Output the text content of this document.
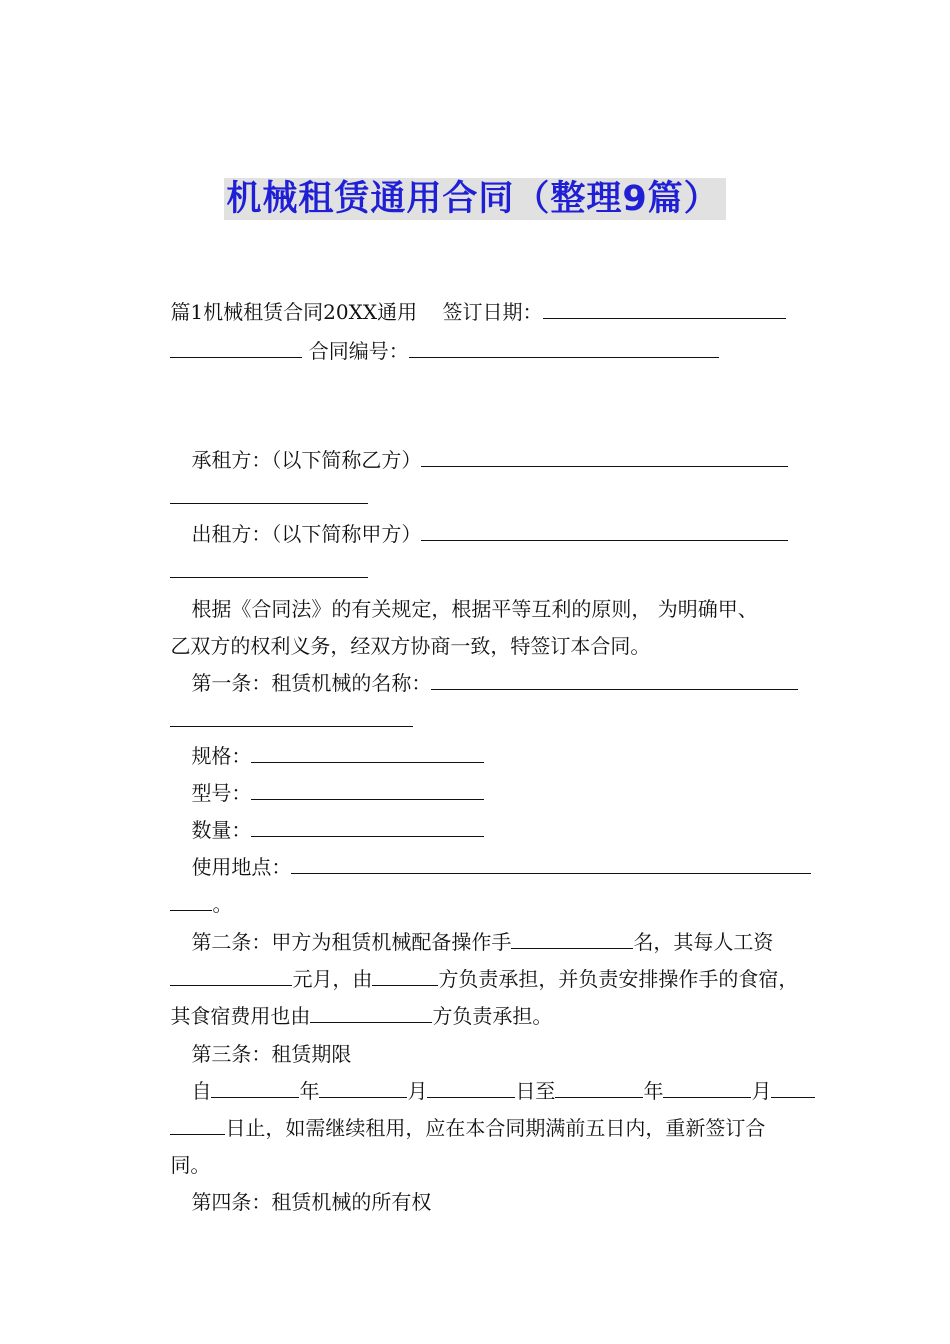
机械租赁通用合同（整理9篇）

篇1机械租赁合同20XX通用    签订日期：

合同编号：

承租方：（以下简称乙方）

出租方：（以下简称甲方）

根据《合同法》的有关规定，根据平等互利的原则， 为明确甲、

乙双方的权利义务，经双方协商一致，特签订本合同。

第一条：租赁机械的名称：

规格：

型号：

数量：

使用地点：

。

第二条：甲方为租赁机械配备操作手	名，其每人工资

元月，由	方负责承担，并负责安排操作手的食宿，

其食宿费用也由	方负责承担。

第三条：租赁期限

自	年	月	日至	年	月

日止，如需继续租用，应在本合同期满前五日内，重新签订合

同。

第四条：租赁机械的所有权
